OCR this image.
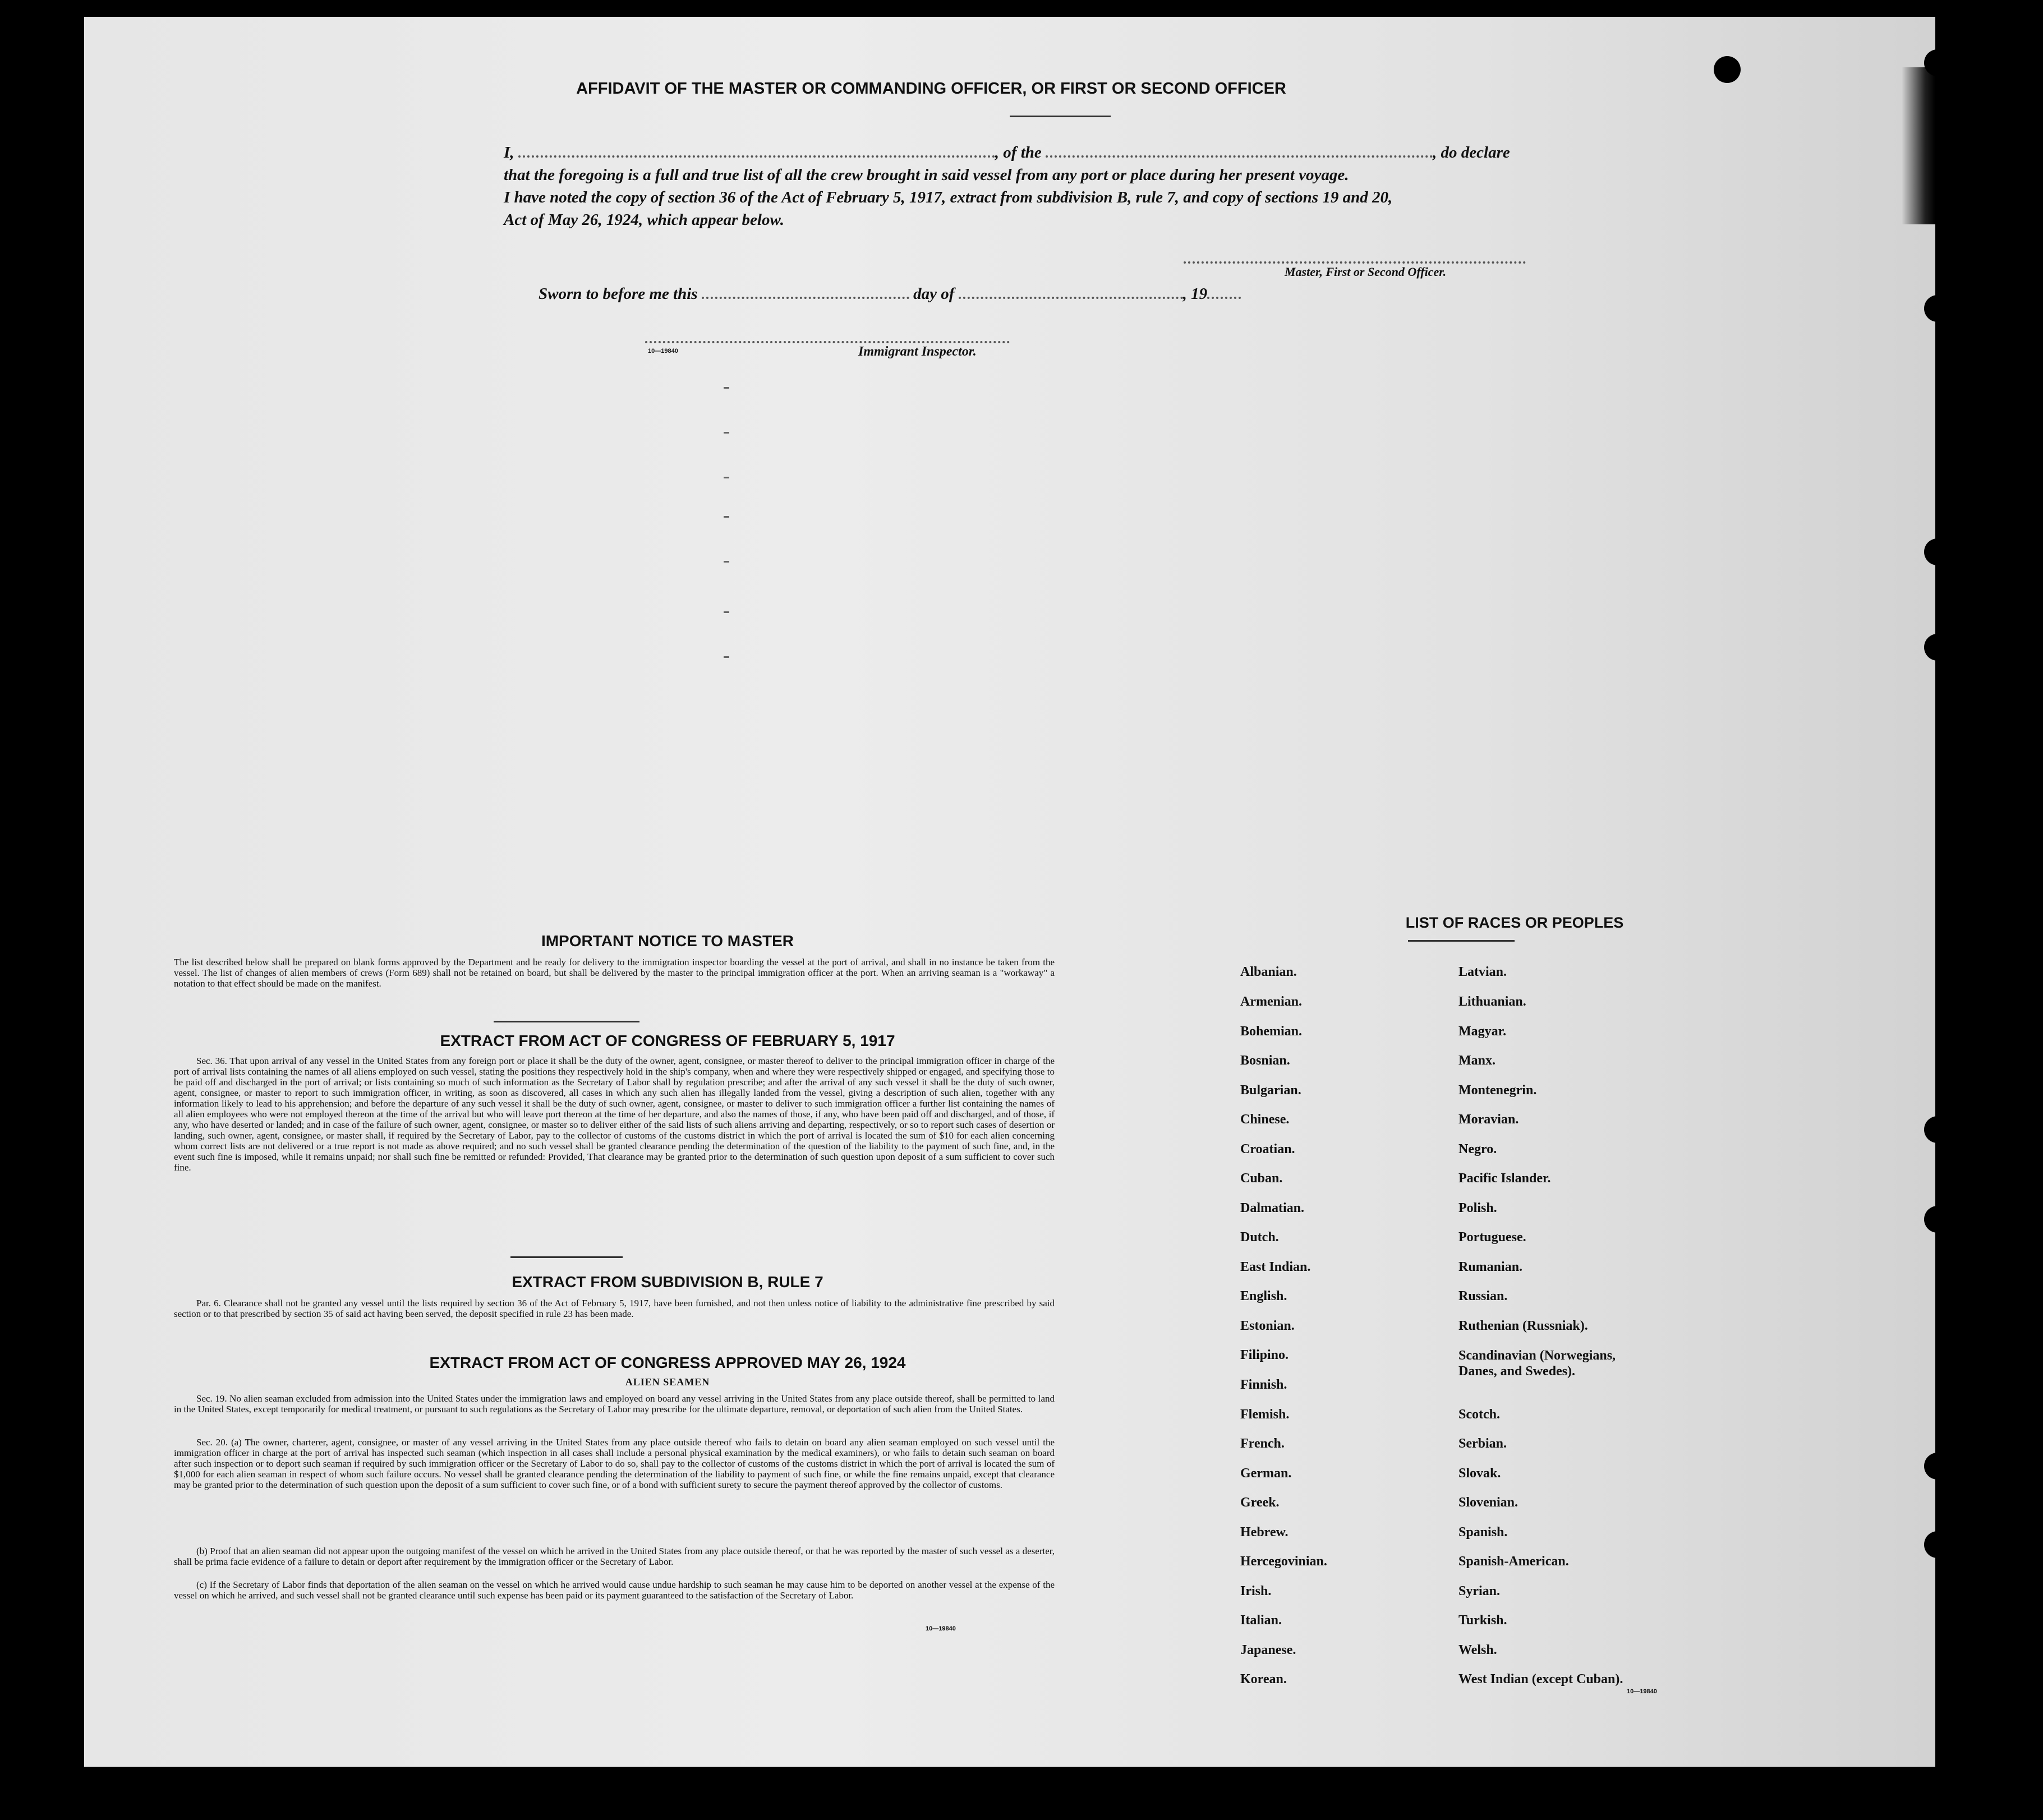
AFFIDAVIT OF THE MASTER OR COMMANDING OFFICER, OR FIRST OR SECOND OFFICER
I,	, of the	, do declare
that the foregoing is a full and true list of all the crew brought in said vessel from any port or place during her present voyage.
I have noted the copy of section 36 of the Act of February 5, 1917, extract from subdivision B, rule 7, and copy of sections 19 and 20,
Act of May 26, 1924, which appear below.
Master, First or Second Officer.
Sworn to before me this	day of	, 19
10—19840	Immigrant Inspector.
IMPORTANT NOTICE TO MASTER
The list described below shall be prepared on blank forms approved by the Department and be ready for delivery to the immigration inspector boarding the vessel at the port of arrival, and shall in no instance be taken from the vessel. The list of changes of alien members of crews (Form 689) shall not be retained on board, but shall be delivered by the master to the principal immigration officer at the port. When an arriving seaman is a "workaway" a notation to that effect should be made on the manifest.
EXTRACT FROM ACT OF CONGRESS OF FEBRUARY 5, 1917
Sec. 36. That upon arrival of any vessel in the United States from any foreign port or place it shall be the duty of the owner, agent, consignee, or master thereof to deliver to the principal immigration officer in charge of the port of arrival lists containing the names of all aliens employed on such vessel, stating the positions they respectively hold in the ship's company, when and where they were respectively shipped or engaged, and specifying those to be paid off and discharged in the port of arrival; or lists containing so much of such information as the Secretary of Labor shall by regulation prescribe; and after the arrival of any such vessel it shall be the duty of such owner, agent, consignee, or master to report to such immigration officer, in writing, as soon as discovered, all cases in which any such alien has illegally landed from the vessel, giving a description of such alien, together with any information likely to lead to his apprehension; and before the departure of any such vessel it shall be the duty of such owner, agent, consignee, or master to deliver to such immigration officer a further list containing the names of all alien employees who were not employed thereon at the time of the arrival but who will leave port thereon at the time of her departure, and also the names of those, if any, who have been paid off and discharged, and of those, if any, who have deserted or landed; and in case of the failure of such owner, agent, consignee, or master so to deliver either of the said lists of such aliens arriving and departing, respectively, or so to report such cases of desertion or landing, such owner, agent, consignee, or master shall, if required by the Secretary of Labor, pay to the collector of customs of the customs district in which the port of arrival is located the sum of $10 for each alien concerning whom correct lists are not delivered or a true report is not made as above required; and no such vessel shall be granted clearance pending the determination of the question of the liability to the payment of such fine, and, in the event such fine is imposed, while it remains unpaid; nor shall such fine be remitted or refunded: Provided, That clearance may be granted prior to the determination of such question upon deposit of a sum sufficient to cover such fine.
EXTRACT FROM SUBDIVISION B, RULE 7
Par. 6. Clearance shall not be granted any vessel until the lists required by section 36 of the Act of February 5, 1917, have been furnished, and not then unless notice of liability to the administrative fine prescribed by said section or to that prescribed by section 35 of said act having been served, the deposit specified in rule 23 has been made.
EXTRACT FROM ACT OF CONGRESS APPROVED MAY 26, 1924
ALIEN SEAMEN
Sec. 19. No alien seaman excluded from admission into the United States under the immigration laws and employed on board any vessel arriving in the United States from any place outside thereof, shall be permitted to land in the United States, except temporarily for medical treatment, or pursuant to such regulations as the Secretary of Labor may prescribe for the ultimate departure, removal, or deportation of such alien from the United States.
Sec. 20. (a) The owner, charterer, agent, consignee, or master of any vessel arriving in the United States from any place outside thereof who fails to detain on board any alien seaman employed on such vessel until the immigration officer in charge at the port of arrival has inspected such seaman (which inspection in all cases shall include a personal physical examination by the medical examiners), or who fails to detain such seaman on board after such inspection or to deport such seaman if required by such immigration officer or the Secretary of Labor to do so, shall pay to the collector of customs of the customs district in which the port of arrival is located the sum of $1,000 for each alien seaman in respect of whom such failure occurs. No vessel shall be granted clearance pending the determination of the liability to payment of such fine, or while the fine remains unpaid, except that clearance may be granted prior to the determination of such question upon the deposit of a sum sufficient to cover such fine, or of a bond with sufficient surety to secure the payment thereof approved by the collector of customs.
(b) Proof that an alien seaman did not appear upon the outgoing manifest of the vessel on which he arrived in the United States from any place outside thereof, or that he was reported by the master of such vessel as a deserter, shall be prima facie evidence of a failure to detain or deport after requirement by the immigration officer or the Secretary of Labor.
(c) If the Secretary of Labor finds that deportation of the alien seaman on the vessel on which he arrived would cause undue hardship to such seaman he may cause him to be deported on another vessel at the expense of the vessel on which he arrived, and such vessel shall not be granted clearance until such expense has been paid or its payment guaranteed to the satisfaction of the Secretary of Labor.
10—19840
LIST OF RACES OR PEOPLES
Albanian.
Armenian.
Bohemian.
Bosnian.
Bulgarian.
Chinese.
Croatian.
Cuban.
Dalmatian.
Dutch.
East Indian.
English.
Estonian.
Filipino.
Finnish.
Flemish.
French.
German.
Greek.
Hebrew.
Hercegovinian.
Irish.
Italian.
Japanese.
Korean.
Latvian.
Lithuanian.
Magyar.
Manx.
Montenegrin.
Moravian.
Negro.
Pacific Islander.
Polish.
Portuguese.
Rumanian.
Russian.
Ruthenian (Russniak).
Scandinavian (Norwegians, Danes, and Swedes).
Scotch.
Serbian.
Slovak.
Slovenian.
Spanish.
Spanish-American.
Syrian.
Turkish.
Welsh.
West Indian (except Cuban).
10—19840
